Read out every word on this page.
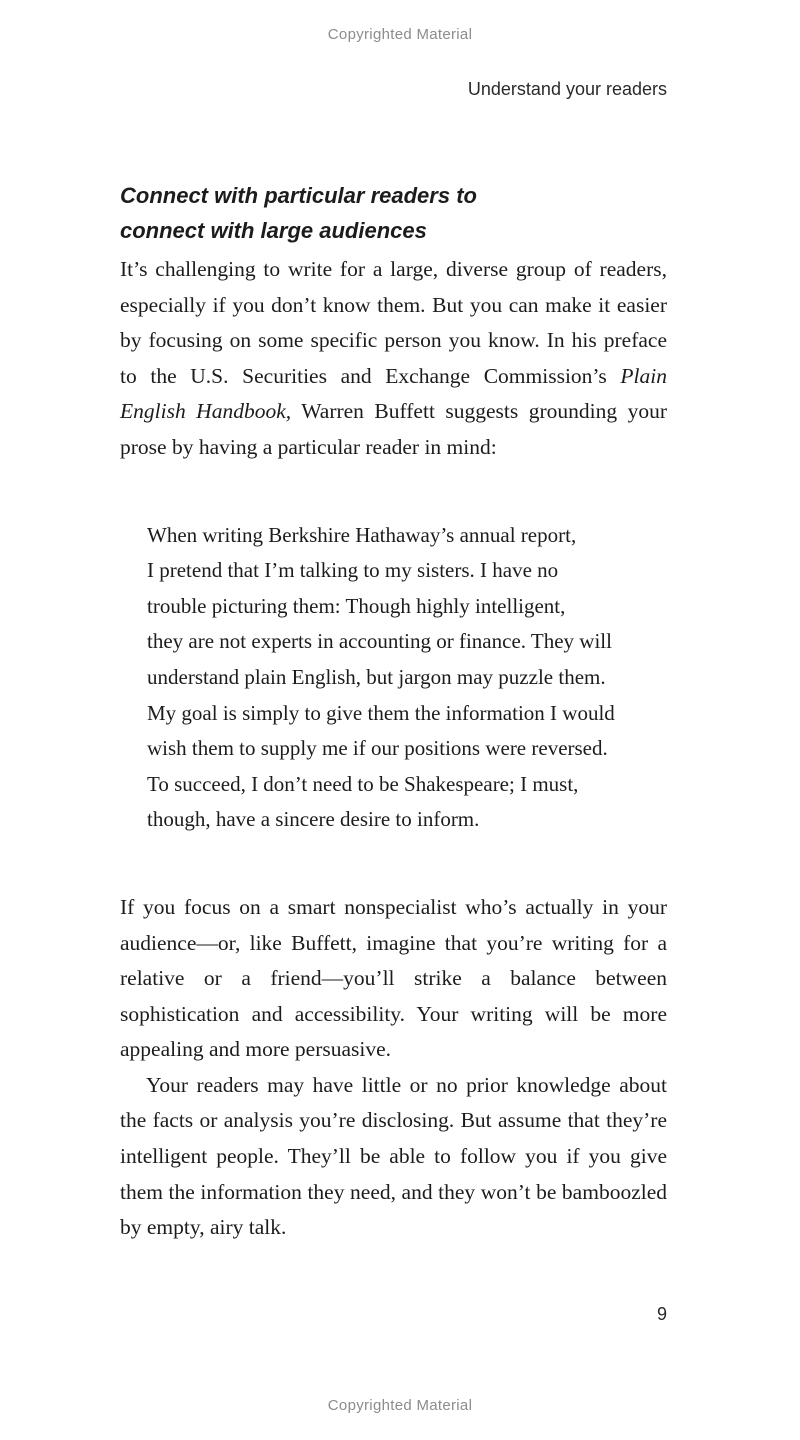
Copyrighted Material
Understand your readers
Connect with particular readers to
connect with large audiences

It’s challenging to write for a large, diverse group of readers, especially if you don’t know them. But you can make it easier by focusing on some specific person you know. In his preface to the U.S. Securities and Exchange Commission’s Plain English Handbook, Warren Buffett suggests grounding your prose by having a particular reader in mind:

When writing Berkshire Hathaway’s annual report,
I pretend that I’m talking to my sisters. I have no
trouble picturing them: Though highly intelligent,
they are not experts in accounting or finance. They will
understand plain English, but jargon may puzzle them.
My goal is simply to give them the information I would
wish them to supply me if our positions were reversed.
To succeed, I don’t need to be Shakespeare; I must,
though, have a sincere desire to inform.

If you focus on a smart nonspecialist who’s actually in your audience—or, like Buffett, imagine that you’re writing for a relative or a friend—you’ll strike a balance between sophistication and accessibility. Your writing will be more appealing and more persuasive.

Your readers may have little or no prior knowledge about the facts or analysis you’re disclosing. But assume that they’re intelligent people. They’ll be able to follow you if you give them the information they need, and they won’t be bamboozled by empty, airy talk.

9
Copyrighted Material
